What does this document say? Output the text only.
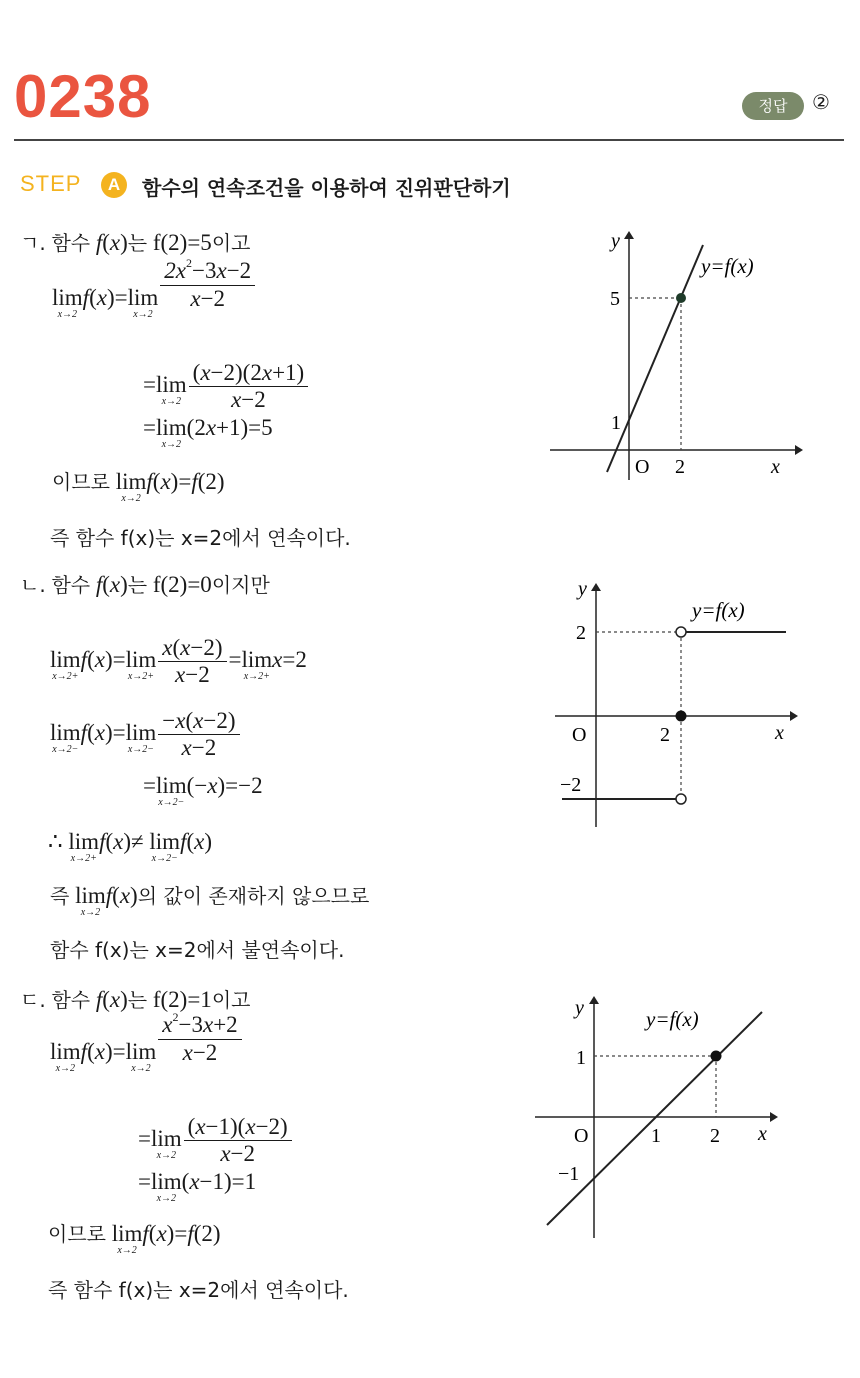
0238	정답	②
STEP	A	함수의 연속조건을 이용하여 진위판단하기
ㄱ. 함수 f(x)는 f(2)=5이고
lim
x→2
f(x)=lim
x→2
$\frac{2x^2-3x-2}{x-2}$
=lim
$x\to 2 \frac{(x-2)(2x+1)}{x-2}$
=lim
x→2
(2x+1)=5
이므로 lim
x→2
f(x)=f(2)
즉 함수 f(x)는 x=2에서 연속이다.
y
x
O
y=f(x)
5
1
2
ㄴ. 함수 f(x)는 f(2)=0이지만
lim
x→2+
f(x)=lim
$x\to 2+ \frac{x(x-2)}{x-2} =\lim$
x→2+
x=2
lim
x→2−
f(x)=lim
$x\to 2- \frac{-x(x-2)}{x-2}$
=lim
x→2−
(−x)=−2
∴ lim
x→2+
f(x)≠ lim
x→2−
f(x)
즉 lim
x→2
f(x)의 값이 존재하지 않으므로
함수 f(x)는 x=2에서 불연속이다.
y
x
O
y=f(x)
2
2
−2
ㄷ. 함수 f(x)는 f(2)=1이고
lim
x→2
f(x)=lim
x→2
$\frac{x^2-3x+2}{x-2}$
=lim
$x\to 2 \frac{(x-1)(x-2)}{x-2}$
=lim
x→2
(x−1)=1
이므로 lim
x→2
f(x)=f(2)
즉 함수 f(x)는 x=2에서 연속이다.
y
x
O
y=f(x)
1
1 2
−1
